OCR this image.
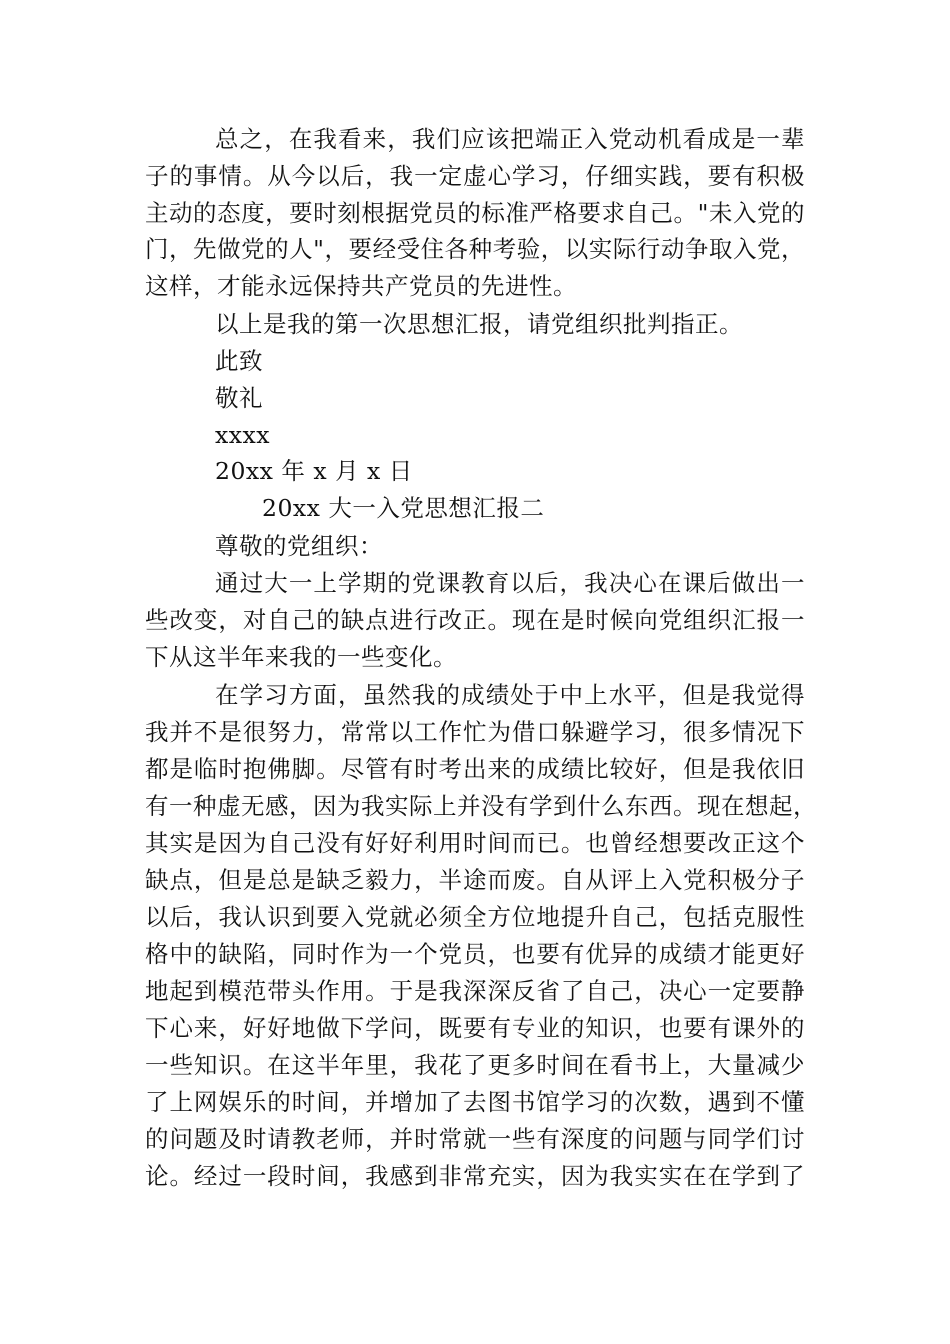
总之，在我看来，我们应该把端正入党动机看成是一辈
子的事情。从今以后，我一定虚心学习，仔细实践，要有积极
主动的态度，要时刻根据党员的标准严格要求自己。"未入党的
门，先做党的人"，要经受住各种考验，以实际行动争取入党，
这样，才能永远保持共产党员的先进性。
以上是我的第一次思想汇报，请党组织批判指正。
此致
敬礼
xxxx
20xx 年 x 月 x 日
20xx 大一入党思想汇报二
尊敬的党组织：
通过大一上学期的党课教育以后，我决心在课后做出一
些改变，对自己的缺点进行改正。现在是时候向党组织汇报一
下从这半年来我的一些变化。
在学习方面，虽然我的成绩处于中上水平，但是我觉得
我并不是很努力，常常以工作忙为借口躲避学习，很多情况下
都是临时抱佛脚。尽管有时考出来的成绩比较好，但是我依旧
有一种虚无感，因为我实际上并没有学到什么东西。现在想起，
其实是因为自己没有好好利用时间而已。也曾经想要改正这个
缺点，但是总是缺乏毅力，半途而废。自从评上入党积极分子
以后，我认识到要入党就必须全方位地提升自己，包括克服性
格中的缺陷，同时作为一个党员，也要有优异的成绩才能更好
地起到模范带头作用。于是我深深反省了自己，决心一定要静
下心来，好好地做下学问，既要有专业的知识，也要有课外的
一些知识。在这半年里，我花了更多时间在看书上，大量减少
了上网娱乐的时间，并增加了去图书馆学习的次数，遇到不懂
的问题及时请教老师，并时常就一些有深度的问题与同学们讨
论。经过一段时间，我感到非常充实，因为我实实在在学到了
